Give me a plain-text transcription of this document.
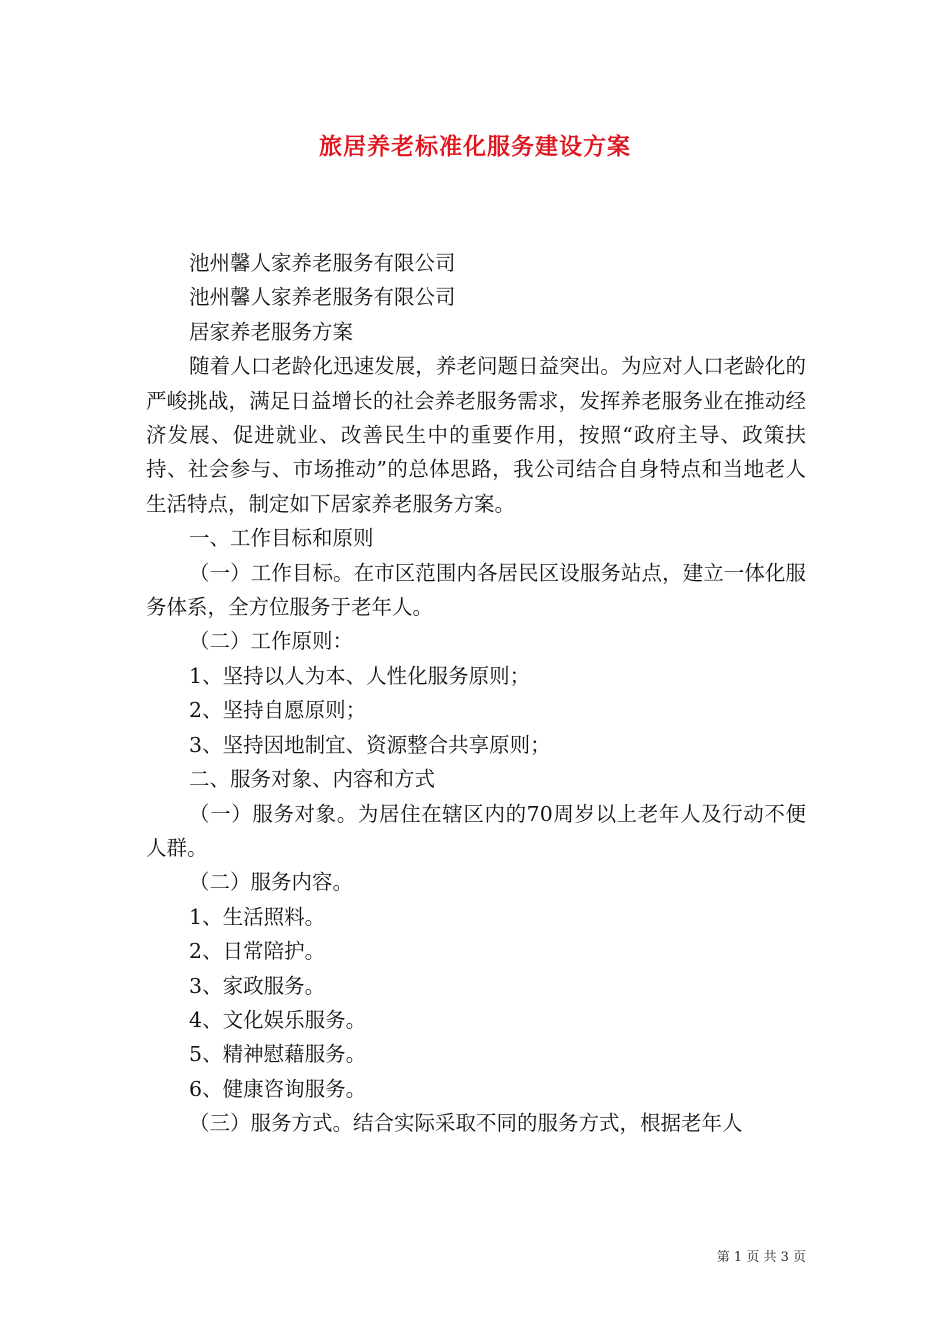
旅居养老标准化服务建设方案

池州馨人家养老服务有限公司

池州馨人家养老服务有限公司

居家养老服务方案

随着人口老龄化迅速发展，养老问题日益突出。为应对人口老龄化的严峻挑战，满足日益增长的社会养老服务需求，发挥养老服务业在推动经济发展、促进就业、改善民生中的重要作用，按照“政府主导、政策扶持、社会参与、市场推动”的总体思路，我公司结合自身特点和当地老人生活特点，制定如下居家养老服务方案。

一、工作目标和原则

（一）工作目标。在市区范围内各居民区设服务站点，建立一体化服务体系，全方位服务于老年人。

（二）工作原则：

1、坚持以人为本、人性化服务原则；

2、坚持自愿原则；

3、坚持因地制宜、资源整合共享原则；

二、服务对象、内容和方式

（一）服务对象。为居住在辖区内的70周岁以上老年人及行动不便人群。

（二）服务内容。

1、生活照料。

2、日常陪护。

3、家政服务。

4、文化娱乐服务。

5、精神慰藉服务。

6、健康咨询服务。

（三）服务方式。结合实际采取不同的服务方式，根据老年人

第 1 页 共 3 页
